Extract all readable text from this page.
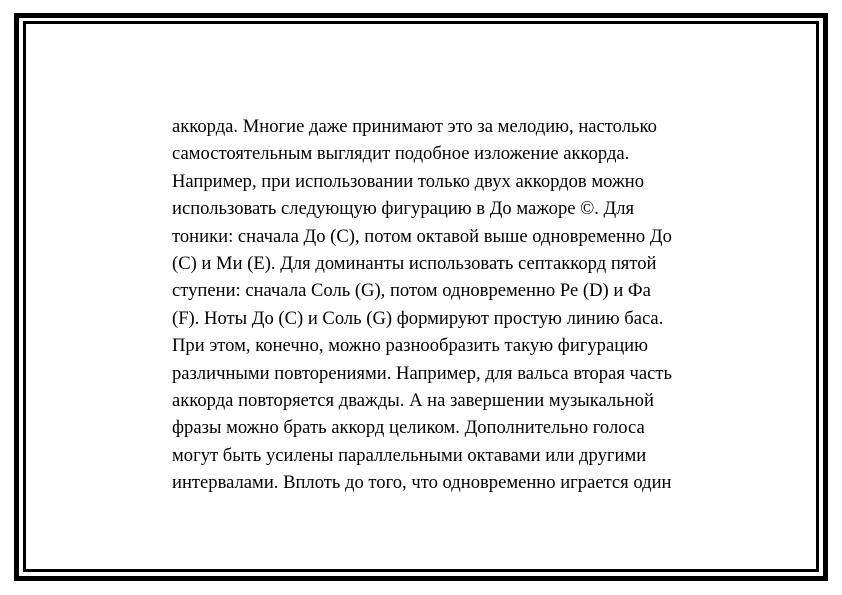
аккорда. Многие даже принимают это за мелодию, настолько
самостоятельным выглядит подобное изложение аккорда.
Например, при использовании только двух аккордов можно
использовать следующую фигурацию в До мажоре ©. Для
тоники: сначала До (С), потом октавой выше одновременно До
(С) и Ми (Е). Для доминанты использовать септаккорд пятой
ступени: сначала Соль (G), потом одновременно Ре (D) и Фа
(F). Ноты До (С) и Соль (G) формируют простую линию баса.
При этом, конечно, можно разнообразить такую фигурацию
различными повторениями. Например, для вальса вторая часть
аккорда повторяется дважды. А на завершении музыкальной
фразы можно брать аккорд целиком. Дополнительно голоса
могут быть усилены параллельными октавами или другими
интервалами. Вплоть до того, что одновременно играется один
